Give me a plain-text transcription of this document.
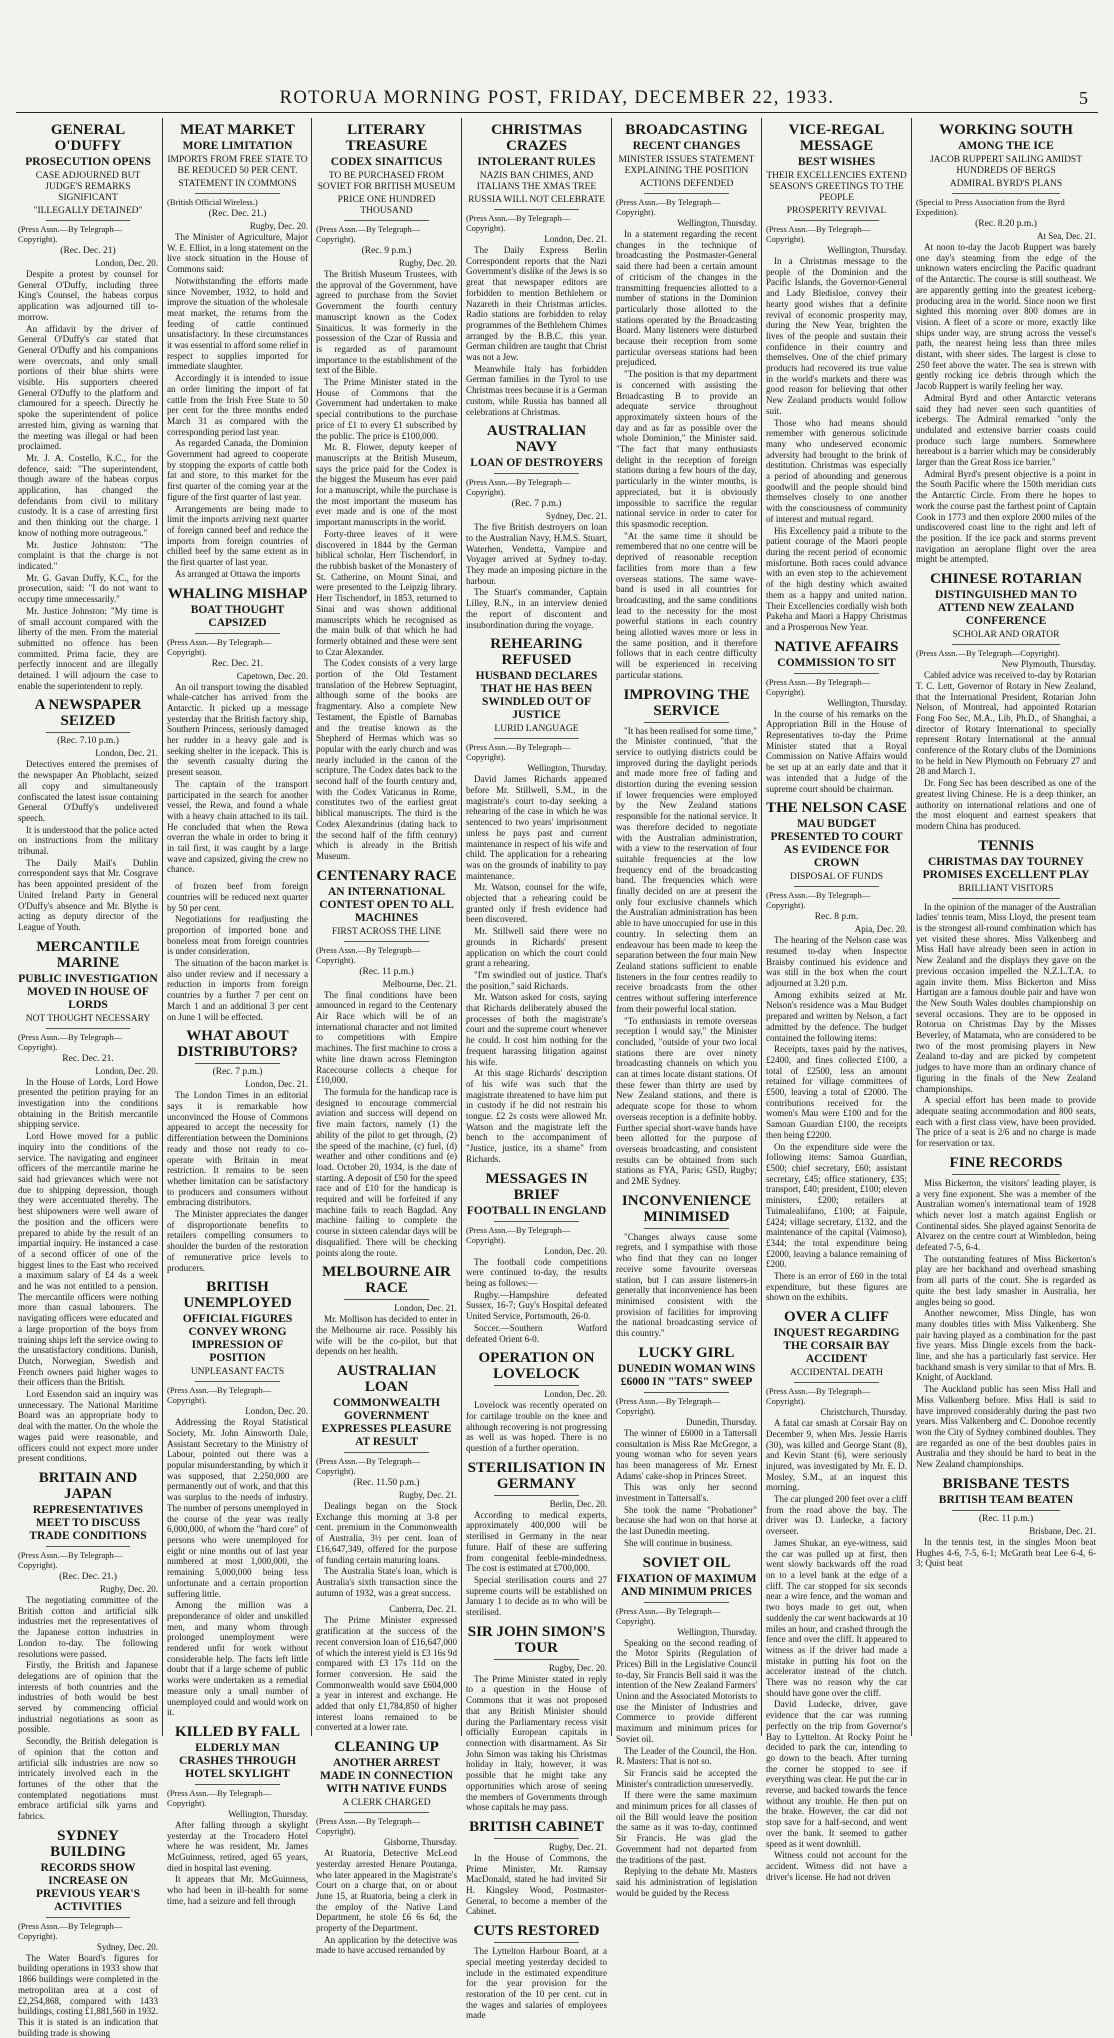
ROTORUA MORNING POST, FRIDAY, DECEMBER 22, 1933.	5
GENERAL O'DUFFY
PROSECUTION OPENS
CASE ADJOURNED BUT JUDGE'S REMARKS SIGNIFICANT
"ILLEGALLY DETAINED"
(Press Assn.—By Telegraph—Copyright).
(Rec. Dec. 21)
London, Dec. 20.

Despite a protest by counsel for General O'Duffy, including three King's Counsel, the habeas corpus application was adjourned till to-morrow.

An affidavit by the driver of General O'Duffy's car stated that General O'Duffy and his companions were overcoats, and only small portions of their blue shirts were visible. His supporters cheered General O'Duffy to the platform and clamoured for a speech. Directly he spoke the superintendent of police arrested him, giving as warning that the meeting was illegal or had been proclaimed.

Mr. J. A. Costello, K.C., for the defence, said: "The superintendent, though aware of the habeas corpus application, has changed the defendants from civil to military custody. It is a case of arresting first and then thinking out the charge. I know of nothing more outrageous."

Mr. Justice Johnston: "The complaint is that the charge is not indicated."

Mr. G. Gavan Duffy, K.C., for the prosecution, said: "I do not want to occupy time unnecessarily."

Mr. Justice Johnston: "My time is of small account compared with the liberty of the men. From the material submitted no offence has been committed. Prima facie, they are perfectly innocent and are illegally detained. I will adjourn the case to enable the superintendent to reply.

A NEWSPAPER SEIZED
(Rec. 7.10 p.m.)
London, Dec. 21.

Detectives entered the premises of the newspaper An Phoblacht, seized all copy and simultaneously confiscated the latest issue containing General O'Duffy's undelivered speech.

It is understood that the police acted on instructions from the military tribunal.

The Daily Mail's Dublin correspondent says that Mr. Cosgrave has been appointed president of the United Ireland Party in General O'Duffy's absence and Mr. Blythe is acting as deputy director of the League of Youth.

MERCANTILE MARINE
PUBLIC INVESTIGATION MOVED IN HOUSE OF LORDS
NOT THOUGHT NECESSARY
(Press Assn.—By Telegraph—Copyright).
Rec. Dec. 21.
London, Dec. 20.

In the House of Lords, Lord Howe presented the petition praying for an investigation into the conditions obtaining in the British mercantile shipping service.

Lord Howe moved for a public inquiry into the conditions of the service. The navigating and engineer officers of the mercantile marine he said had grievances which were not due to shipping depression, though they were accentuated thereby. The best shipowners were well aware of the position and the officers were prepared to abide by the result of an impartial inquiry. He instanced a case of a second officer of one of the biggest lines to the East who received a maximum salary of £4 4s a week and he was not entitled to a pension. The mercantile officers were nothing more than casual labourers. The navigating officers were educated and a large proportion of the boys from training ships left the service owing to the unsatisfactory conditions. Danish, Dutch, Norwegian, Swedish and French owners paid higher wages to their officers than the British.

Lord Essendon said an inquiry was unnecessary. The National Maritime Board was an appropriate body to deal with the matter. On the whole the wages paid were reasonable, and officers could not expect more under present conditions.

BRITAIN AND JAPAN
REPRESENTATIVES MEET TO DISCUSS TRADE CONDITIONS
(Press Assn.—By Telegraph—Copyright).
(Rec. Dec. 21.)
Rugby, Dec. 20.

The negotiating committee of the British cotton and artificial silk industries met the representatives of the Japanese cotton industries in London to-day. The following resolutions were passed.

Firstly, the British and Japanese delegations are of opinion that the interests of both countries and the industries of both would be best served by commencing official industrial negotiations as soon as possible.

Secondly, the British delegation is of opinion that the cotton and artificial silk industries are now so intricately involved each in the fortunes of the other that the contemplated negotiations must embrace artificial silk yarns and fabrics.

SYDNEY BUILDING
RECORDS SHOW INCREASE ON PREVIOUS YEAR'S ACTIVITIES
(Press Assn.—By Telegraph—Copyright).
Sydney, Dec. 20.

The Water Board's figures for building operations in 1933 show that 1866 buildings were completed in the metropolitan area at a cost of £2,254,868, compared with 1433 buildings, costing £1,881,560 in 1932. This it is stated is an indication that building trade is showing

MEAT MARKET
MORE LIMITATION
IMPORTS FROM FREE STATE TO BE REDUCED 50 PER CENT.
STATEMENT IN COMMONS
(British Official Wireless.)
(Rec. Dec. 21.)
Rugby, Dec. 20.

The Minister of Agriculture, Major W. E. Elliot, in a long statement on the live stock situation in the House of Commons said:

Notwithstanding the efforts made since November, 1932, to hold and improve the situation of the wholesale meat market, the returns from the feeding of cattle continued unsatisfactory. In these circumstances it was essential to afford some relief in respect to supplies imported for immediate slaughter.

Accordingly it is intended to issue an order limiting the import of fat cattle from the Irish Free State to 50 per cent for the three months ended March 31 as compared with the corresponding period last year.

As regarded Canada, the Dominion Government had agreed to cooperate by stopping the exports of cattle both fat and store, to this market for the first quarter of the coming year at the figure of the first quarter of last year.

Arrangements are being made to limit the imports arriving next quarter of foreign canned beef and reduce the imports from foreign countries of chilled beef by the same extent as in the first quarter of last year.

As arranged at Ottawa the imports

WHALING MISHAP
BOAT THOUGHT CAPSIZED
(Press Assn.—By Telegraph—Copyright).
Rec. Dec. 21.
Capetown, Dec. 20.

An oil transport towing the disabled whale-catcher has arrived from the Antarctic. It picked up a message yesterday that the British factory ship, Southern Princess, seriously damaged her rudder in a heavy gale and is seeking shelter in the icepack. This is the seventh casualty during the present season.

The captain of the transport participated in the search for another vessel, the Rewa, and found a whale with a heavy chain attached to its tail. He concluded that when the Rewa overran the whale in order to bring it in tail first, it was caught by a large wave and capsized, giving the crew no chance.

of frozen beef from foreign countries will be reduced next quarter by 50 per cent.

Negotiations for readjusting the proportion of imported bone and boneless meat from foreign countries is under consideration.

The situation of the bacon market is also under review and if necessary a reduction in imports from foreign countries by a further 7 per cent on March 1 and an additional 3 per cent on June 1 will be effected.

WHAT ABOUT DISTRIBUTORS?
(Rec. 7 p.m.)
London, Dec. 21.

The London Times in an editorial says it is remarkable how unconvinced the House of Commons appeared to accept the necessity for differentiation between the Dominions ready and those not ready to co-operate with Britain in meat restriction. It remains to be seen whether limitation can be satisfactory to producers and consumers without embracing distributors.

The Minister appreciates the danger of disproportionate benefits to retailers compelling consumers to shoulder the burden of the restoration of remunerative price levels to producers.

BRITISH UNEMPLOYED
OFFICIAL FIGURES CONVEY WRONG IMPRESSION OF POSITION
UNPLEASANT FACTS
(Press Assn.—By Telegraph—Copyright).
London, Dec. 20.

Addressing the Royal Statistical Society, Mr. John Ainsworth Dale, Assistant Secretary to the Ministry of Labour, pointed out there was a popular misunderstanding, by which it was supposed, that 2,250,000 are permanently out of work, and that this was surplus to the needs of industry. The number of persons unemployed in the course of the year was really 6,000,000, of whom the "hard core" of persons who were unemployed for eight or nine months out of last year numbered at most 1,000,000, the remaining 5,000,000 being less unfortunate and a certain proportion suffering little.

Among the million was a preponderance of older and unskilled men, and many whom through prolonged unemployment were rendered unfit for work without considerable help. The facts left little doubt that if a large scheme of public works were undertaken as a remedial measure only a small number of unemployed could and would work on it.

KILLED BY FALL
ELDERLY MAN CRASHES THROUGH HOTEL SKYLIGHT
(Press Assn.—By Telegraph—Copyright).
Wellington, Thursday.

After falling through a skylight yesterday at the Trocadero Hotel where he was resident, Mr. James McGuinness, retired, aged 65 years, died in hospital last evening.

It appears that Mr. McGuinness, who had been in ill-health for some time, had a seizure and fell through

LITERARY TREASURE
CODEX SINAITICUS
TO BE PURCHASED FROM SOVIET FOR BRITISH MUSEUM
PRICE ONE HUNDRED THOUSAND
(Press Assn.—By Telegraph—Copyright).
(Rec. 9 p.m.)
Rugby, Dec. 20.

The British Museum Trustees, with the approval of the Government, have agreed to purchase from the Soviet Government the fourth century manuscript known as the Codex Sinaiticus. It was formerly in the possession of the Czar of Russia and is regarded as of paramount importance to the establishment of the text of the Bible.

The Prime Minister stated in the House of Commons that the Government had undertaken to make special contributions to the purchase price of £1 to every £1 subscribed by the public. The price is £100,000.

Mr. R. Flower, deputy keeper of manuscripts at the British Museum, says the price paid for the Codex is the biggest the Museum has ever paid for a manuscript, while the purchase is the most important the museum has ever made and is one of the most important manuscripts in the world.

Forty-three leaves of it were discovered in 1844 by the German biblical scholar, Herr Tischendorf, in the rubbish basket of the Monastery of St. Catherine, on Mount Sinai, and were presented to the Leipzig library. Herr Tischendorf, in 1853, returned to Sinai and was shown additional manuscripts which he recognised as the main bulk of that which he had formerly obtained and these were sent to Czar Alexander.

The Codex consists of a very large portion of the Old Testament translation of the Hebrew Septuagint, although some of the books are fragmentary. Also a complete New Testament, the Epistle of Barnabas and the treatise known as the Shepherd of Hermas which was so popular with the early church and was nearly included in the canon of the scripture. The Codex dates back to the second half of the fourth century and, with the Codex Vaticanus in Rome, constitutes two of the earliest great biblical manuscripts. The third is the Codex Alexandrinus (dating back to the second half of the fifth century) which is already in the British Museum.

CENTENARY RACE
AN INTERNATIONAL CONTEST OPEN TO ALL MACHINES
FIRST ACROSS THE LINE
(Press Assn.—By Telegraph—Copyright).
(Rec. 11 p.m.)
Melbourne, Dec. 21.

The final conditions have been announced in regard to the Centenary Air Race which will be of an international character and not limited to competitions with Empire machines. The first machine to cross a white line drawn across Flemington Racecourse collects a cheque for £10,000.

The formula for the handicap race is designed to encourage commercial aviation and success will depend on five main factors, namely (1) the ability of the pilot to get through, (2) the speed of the machine, (c) fuel, (d) weather and other conditions and (e) load. October 20, 1934, is the date of starting. A deposit of £50 for the speed race and of £10 for the handicap is required and will be forfeited if any machine fails to reach Bagdad. Any machine failing to complete the course in sixteen calendar days will be disqualified. There will be checking points along the route.

MELBOURNE AIR RACE
London, Dec. 21.

Mr. Mollison has decided to enter in the Melbourne air race. Possibly his wife will be the co-pilot, but that depends on her health.

AUSTRALIAN LOAN
COMMONWEALTH GOVERNMENT EXPRESSES PLEASURE AT RESULT
(Press Assn.—By Telegraph—Copyright).
(Rec. 11.50 p.m.)
Rugby, Dec. 21.

Dealings began on the Stock Exchange this morning at 3-8 per cent. premium in the Commonwealth of Australia, 3½ per cent. loan of £16,647,349, offered for the purpose of funding certain maturing loans.

The Australia State's loan, which is Australia's sixth transaction since the autumn of 1932, was a great success.

Canberra, Dec. 21.

The Prime Minister expressed gratification at the success of the recent conversion loan of £16,647,000 of which the interest yield is £3 16s 9d compared with £3 17s 11d on the former conversion. He said the Commonwealth would save £604,000 a year in interest and exchange. He added that only £1,784,850 of higher interest loans remained to be converted at a lower rate.

CLEANING UP
ANOTHER ARREST MADE IN CONNECTION WITH NATIVE FUNDS
A CLERK CHARGED
(Press Assn.—By Telegraph—Copyright).
Gisborne, Thursday.

At Ruatoria, Detective McLeod yesterday arrested Henare Poutanga, who later appeared in the Magistrate's Court on a charge that, on or about June 15, at Ruatoria, being a clerk in the employ of the Native Land Department, he stole £6 6s 6d, the property of the Department.

An application by the detective was made to have accused remanded by

CHRISTMAS CRAZES
INTOLERANT RULES
NAZIS BAN CHIMES, AND ITALIANS THE XMAS TREE
RUSSIA WILL NOT CELEBRATE
(Press Assn.—By Telegraph—Copyright).
London, Dec. 21.

The Daily Express Berlin Correspondent reports that the Nazi Government's dislike of the Jews is so great that newspaper editors are forbidden to mention Bethlehem or Nazareth in their Christmas articles. Radio stations are forbidden to relay programmes of the Bethlehem Chimes arranged by the B.B.C. this year. German children are taught that Christ was not a Jew.

Meanwhile Italy has forbidden German families in the Tyrol to use Christmas trees because it is a German custom, while Russia has banned all celebrations at Christmas.

AUSTRALIAN NAVY
LOAN OF DESTROYERS
(Press Assn.—By Telegraph—Copyright).
(Rec. 7 p.m.)
Sydney, Dec. 21.

The five British destroyers on loan to the Australian Navy, H.M.S. Stuart, Waterhen, Vendetta, Vampire and Voyager arrived at Sydney to-day. They made an imposing picture in the harbour.

The Stuart's commander, Captain Lilley, R.N., in an interview denied the report of discontent and insubordination during the voyage.

REHEARING REFUSED
HUSBAND DECLARES THAT HE HAS BEEN SWINDLED OUT OF JUSTICE
LURID LANGUAGE
(Press Assn.—By Telegraph—Copyright).
Wellington, Thursday.

David James Richards appeared before Mr. Stillwell, S.M., in the magistrate's court to-day seeking a rehearing of the case in which he was sentenced to two years' imprisonment unless he pays past and current maintenance in respect of his wife and child. The application for a rehearing was on the grounds of inability to pay maintenance.

Mr. Watson, counsel for the wife, objected that a rehearing could be granted only if fresh evidence had been discovered.

Mr. Stillwell said there were no grounds in Richards' present application on which the court could grant a rehearing.

"I'm swindled out of justice. That's the position," said Richards.

Mr. Watson asked for costs, saying that Richards deliberately abused the processes of both the magistrate's court and the supreme court whenever he could. It cost him nothing for the frequent harassing litigation against his wife.

At this stage Richards' description of his wife was such that the magistrate threatened to have him put in custody if he did not restrain his tongue. £2 2s costs were allowed Mr. Watson and the magistrate left the bench to the accompaniment of "Justice, justice, its a shame" from Richards.

MESSAGES IN BRIEF
FOOTBALL IN ENGLAND
(Press Assn.—By Telegraph—Copyright).
London, Dec. 20.

The football code competitions were continued to-day, the results being as follows:—

Rugby.—Hampshire defeated Sussex, 16-7; Guy's Hospital defeated United Service, Portsmouth, 26-0.

Soccer.—Southern Watford defeated Orient 6-0.

OPERATION ON LOVELOCK
London, Dec. 20.

Lovelock was recently operated on for cartilage trouble on the knee and although recovering is not progressing as well as was hoped. There is no question of a further operation.

STERILISATION IN GERMANY
Berlin, Dec. 20.

According to medical experts, approximately 400,000 will be sterilised in Germany in the near future. Half of these are suffering from congenital feeble-mindedness. The cost is estimated at £700,000.

Special sterilisation courts and 27 supreme courts will be established on January 1 to decide as to who will be sterilised.

SIR JOHN SIMON'S TOUR
Rugby, Dec. 20.

The Prime Minister stated in reply to a question in the House of Commons that it was not proposed that any British Minister should during the Parliamentary recess visit officially European capitals in connection with disarmament. As Sir John Simon was taking his Christmas holiday in Italy, however, it was possible that he might take any opportunities which arose of seeing the members of Governments through whose capitals he may pass.

BRITISH CABINET
Rugby, Dec. 21.

In the House of Commons, the Prime Minister, Mr. Ramsay MacDonald, stated he had invited Sir H. Kingsley Wood, Postmaster-General, to become a member of the Cabinet.

CUTS RESTORED

The Lyttelton Harbour Board, at a special meeting yesterday decided to include in the estimated expenditure for the year provision for the restoration of the 10 per cent. cut in the wages and salaries of employees made

BROADCASTING
RECENT CHANGES
MINISTER ISSUES STATEMENT EXPLAINING THE POSITION
ACTIONS DEFENDED
(Press Assn.—By Telegraph—Copyright).
Wellington, Thursday.

In a statement regarding the recent changes in the technique of broadcasting the Postmaster-General said there had been a certain amount of criticism of the changes in the transmitting frequencies allotted to a number of stations in the Dominion particularly those allotted to the stations operated by the Broadcasting Board. Many listeners were disturbed because their reception from some particular overseas stations had been prejudiced.

"The position is that my department is concerned with assisting the Broadcasting B to provide an adequate service throughout approximately sixteen hours of the day and as far as possible over the whole Dominion," the Minister said. "The fact that many enthusiasts delight in the reception of foreign stations during a few hours of the day, particularly in the winter months, is appreciated, but it is obviously impossible to sacrifice the regular national service in order to cater for this spasmodic reception.

"At the same time it should be remembered that no one centre will be deprived of reasonable reception facilities from more than a few overseas stations. The same wave-band is used in all countries for broadcasting, and the same conditions lead to the necessity for the most powerful stations in each country being allotted waves more or less in the same position, and it therefore follows that in each centre difficulty will be experienced in receiving particular stations.

IMPROVING THE SERVICE

"It has been realised for some time," the Minister continued, "that the service to outlying districts could be improved during the daylight periods and made more free of fading and distortion during the evening session if lower frequencies were employed by the New Zealand stations responsible for the national service. It was therefore decided to negotiate with the Australian administration, with a view to the reservation of four suitable frequencies at the low frequency end of the broadcasting band. The frequencies which were finally decided on are at present the only four exclusive channels which the Australian administration has been able to have unoccupied for use in this country. In selecting them an endeavour has been made to keep the separation between the four main New Zealand stations sufficient to enable listeners in the four centres readily to receive broadcasts from the other centres without suffering interference from their powerful local station.

"To enthusiasts in remote overseas reception I would say," the Minister concluded, "outside of your two local stations there are over ninety broadcasting channels on which you can at times locate distant stations. Of these fewer than thirty are used by New Zealand stations, and there is adequate scope for those to whom overseas reception is a definite hobby. Further special short-wave bands have been allotted for the purpose of overseas broadcasting, and consistent results can be obtained from such stations as FYA, Paris; GSD, Rugby; and 2ME Sydney.

INCONVENIENCE MINIMISED

"Changes always cause some regrets, and I sympathise with those who find that they can no longer receive some favourite overseas station, but I can assure listeners-in generally that inconvenience has been minimised consistent with the provision of facilities for improving the national broadcasting service of this country."

LUCKY GIRL
DUNEDIN WOMAN WINS £6000 IN "TATS" SWEEP
(Press Assn.—By Telegraph—Copyright).
Dunedin, Thursday.

The winner of £6000 in a Tattersall consultation is Miss Rae McGregor, a young woman who for seven years has been manageress of Mr. Ernest Adams' cake-shop in Princes Street.

This was only her second investment in Tattersall's.

She took the name "Probationer" because she had won on that horse at the last Dunedin meeting.

She will continue in business.

SOVIET OIL
FIXATION OF MAXIMUM AND MINIMUM PRICES
(Press Assn.—By Telegraph—Copyright).
Wellington, Thursday.

Speaking on the second reading of the Motor Spirits (Regulation of Prices) Bill in the Legislative Council to-day, Sir Francis Bell said it was the intention of the New Zealand Farmers' Union and the Associated Motorists to use the Minister of Industries and Commerce to provide different maximum and minimum prices for Soviet oil.

The Leader of the Council, the Hon. R. Masters: That is not so.

Sir Francis said he accepted the Minister's contradiction unreservedly.

If there were the same maximum and minimum prices for all classes of oil the Bill would leave the position the same as it was to-day, continued Sir Francis. He was glad the Government had not departed from the traditions of the past.

Replying to the debate Mr. Masters said his administration of legislation would be guided by the Recess

VICE-REGAL MESSAGE
BEST WISHES
THEIR EXCELLENCIES EXTEND SEASON'S GREETINGS TO THE PEOPLE
PROSPERITY REVIVAL
(Press Assn.—By Telegraph—Copyright).
Wellington, Thursday.

In a Christmas message to the people of the Dominion and the Pacific Islands, the Governor-General and Lady Bledisloe, convey their hearty good wishes that a definite revival of economic prosperity may, during the New Year, brighten the lives of the people and sustain their confidence in their country and themselves. One of the chief primary products had recovered its true value in the world's markets and there was good reason for believing that other New Zealand products would follow suit.

Those who had means should remember with generous solicitude many who undeserved economic adversity had brought to the brink of destitution. Christmas was especially a period of abounding and generous goodwill and the people should bind themselves closely to one another with the consciousness of community of interest and mutual regard.

His Excellency paid a tribute to the patient courage of the Maori people during the recent period of economic misfortune. Both races could advance with an even step to the achievement of the high destiny which awaited them as a happy and united nation. Their Excellencies cordially wish both Pakeha and Maori a Happy Christmas and a Prosperous New Year.

NATIVE AFFAIRS
COMMISSION TO SIT
(Press Assn.—By Telegraph—Copyright).
Wellington, Thursday.

In the course of his remarks on the Appropriation Bill in the House of Representatives to-day the Prime Minister stated that a Royal Commission on Native Affairs would be set up at an early date and that it was intended that a Judge of the supreme court should be chairman.

THE NELSON CASE
MAU BUDGET PRESENTED TO COURT AS EVIDENCE FOR CROWN
DISPOSAL OF FUNDS
(Press Assn.—By Telegraph—Copyright).
Rec. 8 p.m.
Apia, Dec. 20.

The hearing of the Nelson case was resumed to-day when Inspector Braisby continued his evidence and was still in the box when the court adjourned at 3.20 p.m.

Among exhibits seized at Mr. Nelson's residence was a Mau Budget prepared and written by Nelson, a fact admitted by the defence. The budget contained the following items:

Receipts, taxes paid by the natives, £2400, and fines collected £100, a total of £2500, less an amount retained for village committees of £500, leaving a total of £2000. The contributions received for the women's Mau were £100 and for the Samoan Guardian £100, the receipts then being £2200.

On the expenditure side were the following items: Samoa Guardian, £500; chief secretary, £60; assistant secretary, £45; office stationery, £35; transport, £40; president, £100; eleven ministers, £200; retailers at Tuimalealiifano, £100; at Faipule, £424; village secretary, £132, and the maintenance of the capital (Vaimoso), £344; the total expenditure being £2000, leaving a balance remaining of £200.

There is an error of £60 in the total expenditure, but these figures are shown on the exhibits.

OVER A CLIFF
INQUEST REGARDING THE CORSAIR BAY ACCIDENT
ACCIDENTAL DEATH
(Press Assn.—By Telegraph—Copyright).
Christchurch, Thursday.

A fatal car smash at Corsair Bay on December 9, when Mrs. Jessie Harris (30), was killed and George Stant (8), and Kevin Stant (6), were seriously injured, was investigated by Mr. E. D. Mosley, S.M., at an inquest this morning.

The car plunged 200 feet over a cliff from the road above the bay. The driver was D. Ludecke, a factory overseer.

James Shukar, an eye-witness, said the car was pulled up at first, then went slowly backwards off the road on to a level bank at the edge of a cliff. The car stopped for six seconds near a wire fence, and the woman and two boys made to get out, when suddenly the car went backwards at 10 miles an hour, and crashed through the fence and over the cliff. It appeared to witness as if the driver had made a mistake in putting his foot on the accelerator instead of the clutch. There was no reason why the car should have gone over the cliff.

David Ludecke, driver, gave evidence that the car was running perfectly on the trip from Governor's Bay to Lyttelton. At Rocky Point he decided to park the car, intending to go down to the beach. After turning the corner he stopped to see if everything was clear. He put the car in reverse, and backed towards the fence without any trouble. He then put on the brake. However, the car did not stop save for a half-second, and went over the bank. It seemed to gather speed as it went downhill.

Witness could not account for the accident. Witness did not have a driver's license. He had not driven

WORKING SOUTH
AMONG THE ICE
JACOB RUPPERT SAILING AMIDST HUNDREDS OF BERGS
ADMIRAL BYRD'S PLANS
(Special to Press Association from the Byrd Expedition).
(Rec. 8.20 p.m.)
At Sea, Dec. 21.

At noon to-day the Jacob Ruppert was barely one day's steaming from the edge of the unknown waters encircling the Pacific quadrant of the Antarctic. The course is still southeast. We are apparently getting into the greatest iceberg-producing area in the world. Since noon we first sighted this morning over 800 domes are in vision. A fleet of a score or more, exactly like ships under way, are strung across the vessel's path, the nearest being less than three miles distant, with sheer sides. The largest is close to 250 feet above the water. The sea is strewn with gently rocking ice debris through which the Jacob Ruppert is warily feeling her way.

Admiral Byrd and other Antarctic veterans said they had never seen such quantities of icebergs. The Admiral remarked "only the undulated and extensive barrier coasts could produce such large numbers. Somewhere hereabout is a barrier which may be considerably larger than the Great Ross ice barrier."

Admiral Byrd's present objective is a point in the South Pacific where the 150th meridian cuts the Antarctic Circle. From there he hopes to work the course past the farthest point of Captain Cook in 1773 and then explore 2000 miles of the undiscovered coast line to the right and left of the position. If the ice pack and storms prevent navigation an aeroplane flight over the area might be attempted.

CHINESE ROTARIAN
DISTINGUISHED MAN TO ATTEND NEW ZEALAND CONFERENCE
SCHOLAR AND ORATOR
(Press Assn.—By Telegraph—Copyright).
New Plymouth, Thursday.

Cabled advice was received to-day by Rotarian T. C. Lett, Governor of Rotary in New Zealand, that the International President, Rotarian John Nelson, of Montreal, had appointed Rotarian Fong Foo Sec, M.A., Lib, Ph.D., of Shanghai, a director of Rotary International to specially represent Rotary International at the annual conference of the Rotary clubs of the Dominions to be held in New Plymouth on February 27 and 28 and March 1.

Dr. Fong Sec has been described as one of the greatest living Chinese. He is a deep thinker, an authority on international relations and one of the most eloquent and earnest speakers that modern China has produced.

TENNIS
CHRISTMAS DAY TOURNEY PROMISES EXCELLENT PLAY
BRILLIANT VISITORS

In the opinion of the manager of the Australian ladies' tennis team, Miss Lloyd, the present team is the strongest all-round combination which has yet visited these shores. Miss Valkenberg and Miss Hall have already been seen in action in New Zealand and the displays they gave on the previous occasion impelled the N.Z.L.T.A. to again invite them. Miss Bickerton and Miss Hartigan are a famous double pair and have won the New South Wales doubles championship on several occasions. They are to be opposed in Rotorua on Christmas Day by the Misses Beverley, of Matamata, who are considered to be two of the most promising players in New Zealand to-day and are picked by competent judges to have more than an ordinary chance of figuring in the finals of the New Zealand championships.

A special effort has been made to provide adequate seating accommodation and 800 seats, each with a first class view, have been provided. The price of a seat is 2/6 and no charge is made for reservation or tax.

FINE RECORDS

Miss Bickerton, the visitors' leading player, is a very fine exponent. She was a member of the Australian women's international team of 1928 which never lost a match against English or Continental sides. She played against Senorita de Alvarez on the centre court at Wimbledon, being defeated 7-5, 6-4.

The outstanding features of Miss Bickerton's play are her backhand and overhead smashing from all parts of the court. She is regarded as quite the best lady smasher in Australia, her angles being so good.

Another newcomer, Miss Dingle, has won many doubles titles with Miss Valkenberg. She pair having played as a combination for the past five years. Miss Dingle excels from the back-line, and she has a particularly fast service. Her backhand smash is very similar to that of Mrs. B. Knight, of Auckland.

The Auckland public has seen Miss Hall and Miss Valkenberg before. Miss Hall is said to have improved considerably during the past two years. Miss Valkenberg and C. Donohoe recently won the City of Sydney combined doubles. They are regarded as one of the best doubles pairs in Australia and they should be hard to beat in the New Zealand championships.

BRISBANE TESTS
BRITISH TEAM BEATEN
(Rec. 11 p.m.)
Brisbane, Dec. 21.

In the tennis test, in the singles Moon beat Hughes 4-6, 7-5, 6-1; McGrath beat Lee 6-4, 6-3; Quist beat
